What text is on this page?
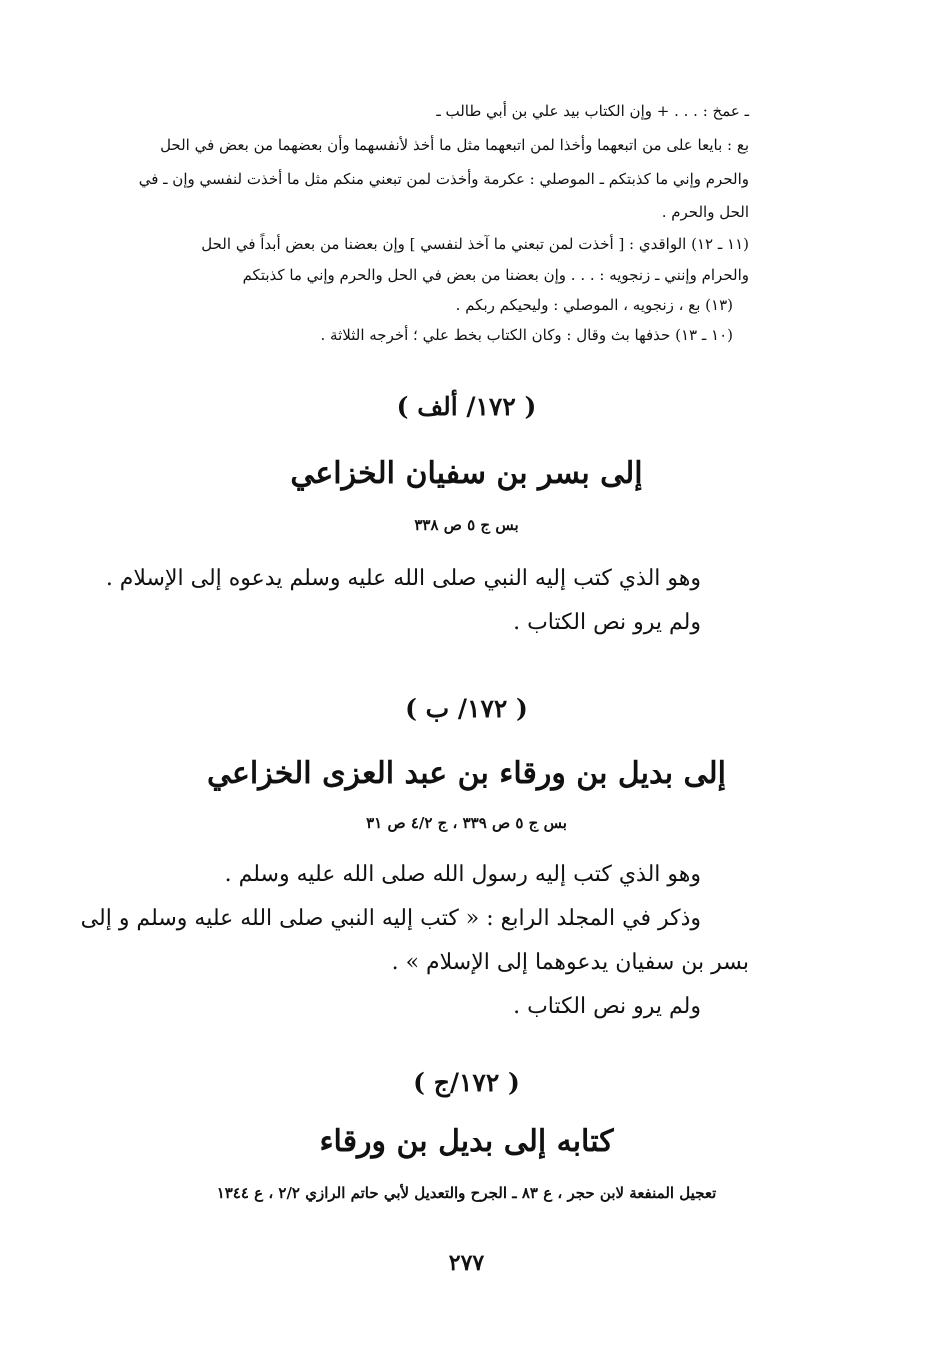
ـ عمخ : . . . + وإن الكتاب بيد علي بن أبي طالب ـ
بع : بايعا على من اتبعهما وأخذا لمن اتبعهما مثل ما أخذ لأنفسهما وأن بعضهما من بعض في الحل
والحرم وإني ما كذبتكم ـ الموصلي : عكرمة وأخذت لمن تبعني منكم مثل ما أخذت لنفسي وإن ـ في
الحل والحرم .
(١١ ـ ١٢) الواقدي : [ أخذت لمن تبعني ما آخذ لنفسي ] وإن بعضنا من بعض أبداً في الحل
والحرام وإنني ـ زنجويه : . . . وإن بعضنا من بعض في الحل والحرم وإني ما كذبتكم
(١٣) بع ، زنجويه ، الموصلي : وليحيكم ربكم .
(١٠ ـ ١٣) حذفها بث وقال : وكان الكتاب بخط علي ؛ أخرجه الثلاثة .
( ١٧٢/ ألف )
إلى بسر بن سفيان الخزاعي
بس ج ٥ ص ٣٣٨
وهو الذي كتب إليه النبي صلى الله عليه وسلم يدعوه إلى الإسلام .
ولم يرو نص الكتاب .
( ١٧٢/ ب )
إلى بديل بن ورقاء بن عبد العزى الخزاعي
بس ج ٥ ص ٣٣٩ ، ج ٤/٢ ص ٣١
وهو الذي كتب إليه رسول الله صلى الله عليه وسلم .
وذكر في المجلد الرابع : « كتب إليه النبي صلى الله عليه وسلم و إلى
بسر بن سفيان يدعوهما إلى الإسلام » .
ولم يرو نص الكتاب .
( ١٧٢/ج )
كتابه إلى بديل بن ورقاء
تعجيل المنفعة لابن حجر ، ع ٨٣ ـ الجرح والتعديل لأبي حاتم الرازي ٢/٢ ، ع ١٣٤٤
٢٧٧
